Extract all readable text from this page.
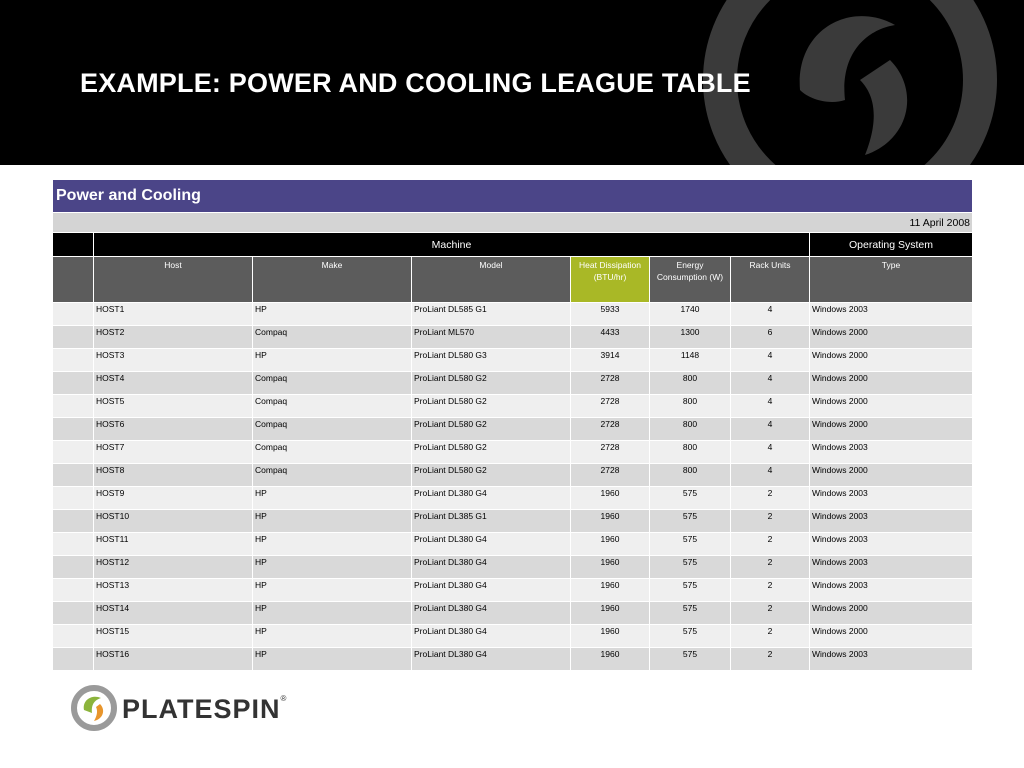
EXAMPLE: POWER AND COOLING LEAGUE TABLE
Power and Cooling							
11 April 2008							
	Machine						Operating System
	Host	Make	Model	Heat Dissipation (BTU/hr)	Energy Consumption (W)	Rack Units	Type
	HOST1	HP	ProLiant DL585 G1	5933	1740	4	Windows 2003
	HOST2	Compaq	ProLiant ML570	4433	1300	6	Windows 2000
	HOST3	HP	ProLiant DL580 G3	3914	1148	4	Windows 2000
	HOST4	Compaq	ProLiant DL580 G2	2728	800	4	Windows 2000
	HOST5	Compaq	ProLiant DL580 G2	2728	800	4	Windows 2000
	HOST6	Compaq	ProLiant DL580 G2	2728	800	4	Windows 2000
	HOST7	Compaq	ProLiant DL580 G2	2728	800	4	Windows 2003
	HOST8	Compaq	ProLiant DL580 G2	2728	800	4	Windows 2000
	HOST9	HP	ProLiant DL380 G4	1960	575	2	Windows 2003
	HOST10	HP	ProLiant DL385 G1	1960	575	2	Windows 2003
	HOST11	HP	ProLiant DL380 G4	1960	575	2	Windows 2003
	HOST12	HP	ProLiant DL380 G4	1960	575	2	Windows 2003
	HOST13	HP	ProLiant DL380 G4	1960	575	2	Windows 2003
	HOST14	HP	ProLiant DL380 G4	1960	575	2	Windows 2000
	HOST15	HP	ProLiant DL380 G4	1960	575	2	Windows 2000
	HOST16	HP	ProLiant DL380 G4	1960	575	2	Windows 2003
PLATESPIN®
